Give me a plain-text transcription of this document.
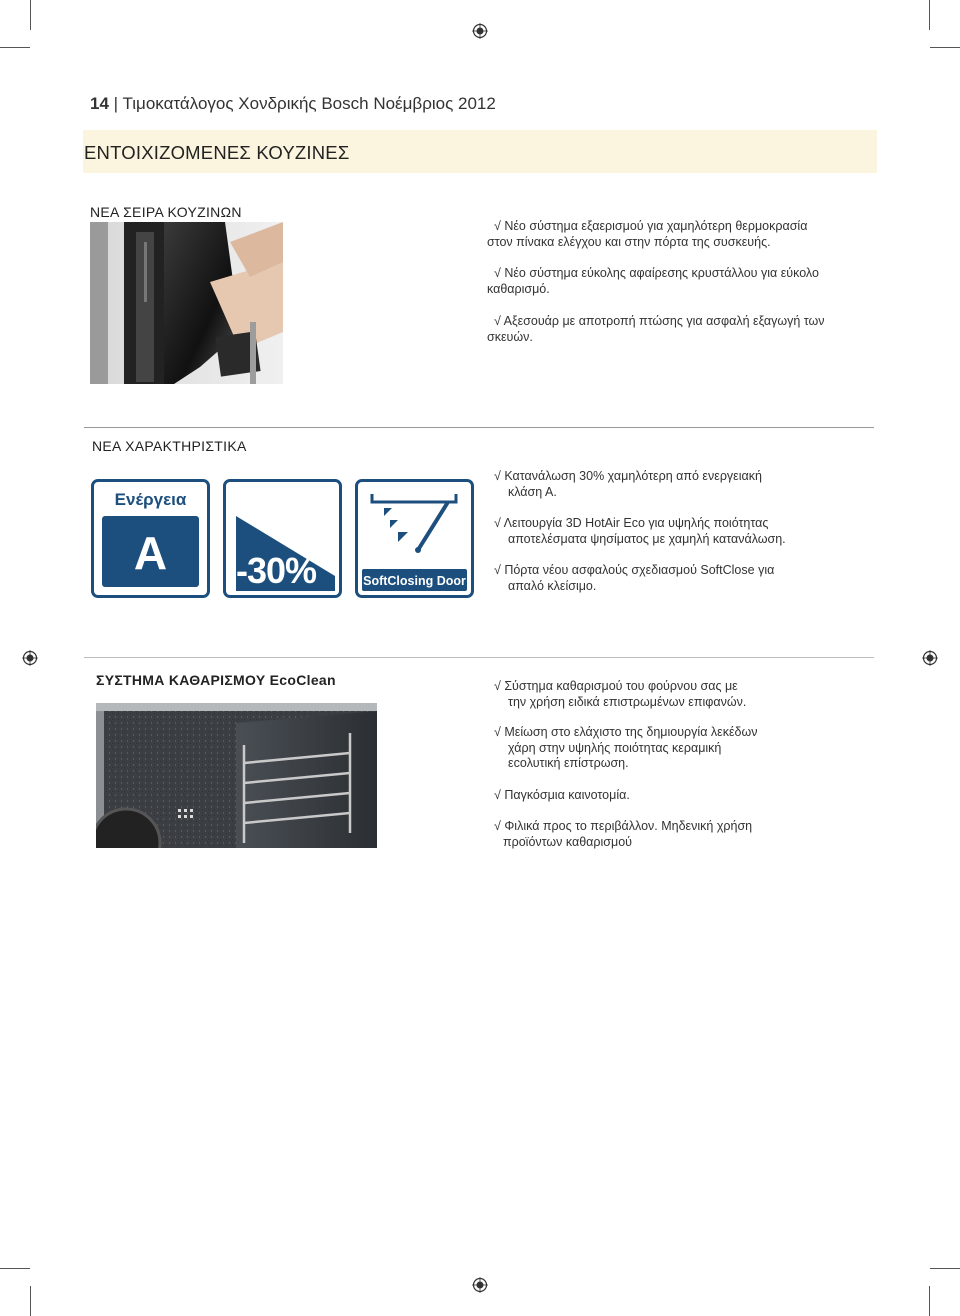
14 | Τιμοκατάλογος Χονδρικής Bosch Νοέμβριος 2012
ΕΝΤΟΙΧΙΖΟΜΕΝΕΣ ΚΟΥΖΙΝΕΣ
ΝΕΑ ΣΕΙΡΑ ΚΟΥΖΙΝΩΝ
√ Νέο σύστημα εξαερισμού για χαμηλότερη θερμοκρασία
στον πίνακα ελέγχου και στην πόρτα της συσκευής.
√ Νέο σύστημα εύκολης αφαίρεσης κρυστάλλου για εύκολο
καθαρισμό.
√ Αξεσουάρ με αποτροπή πτώσης για ασφαλή εξαγωγή των
σκευών.
ΝΕΑ ΧΑΡΑΚΤΗΡΙΣΤΙΚΑ
Ενέργεια
A	-30%	SoftClosing Door
√ Κατανάλωση 30% χαμηλότερη από ενεργειακή
κλάση Α.
√ Λειτουργία 3D HotAir Eco για υψηλής ποιότητας
αποτελέσματα ψησίματος με χαμηλή κατανάλωση.
√ Πόρτα νέου ασφαλούς σχεδιασμού SoftClose για
απαλό κλείσιμο.
ΣΥΣΤΗΜΑ ΚΑΘΑΡΙΣΜΟΥ EcoClean	√ Σύστημα καθαρισμού του φούρνου σας με
την χρήση ειδικά επιστρωμένων επιφανών.
√ Μείωση στο ελάχιστο της δημιουργία λεκέδων
χάρη στην υψηλής ποιότητας κεραμική
εcoλυτική επίστρωση.
√ Παγκόσμια καινοτομία.
√ Φιλικά προς το περιβάλλον. Μηδενική χρήση
προϊόντων καθαρισμού
